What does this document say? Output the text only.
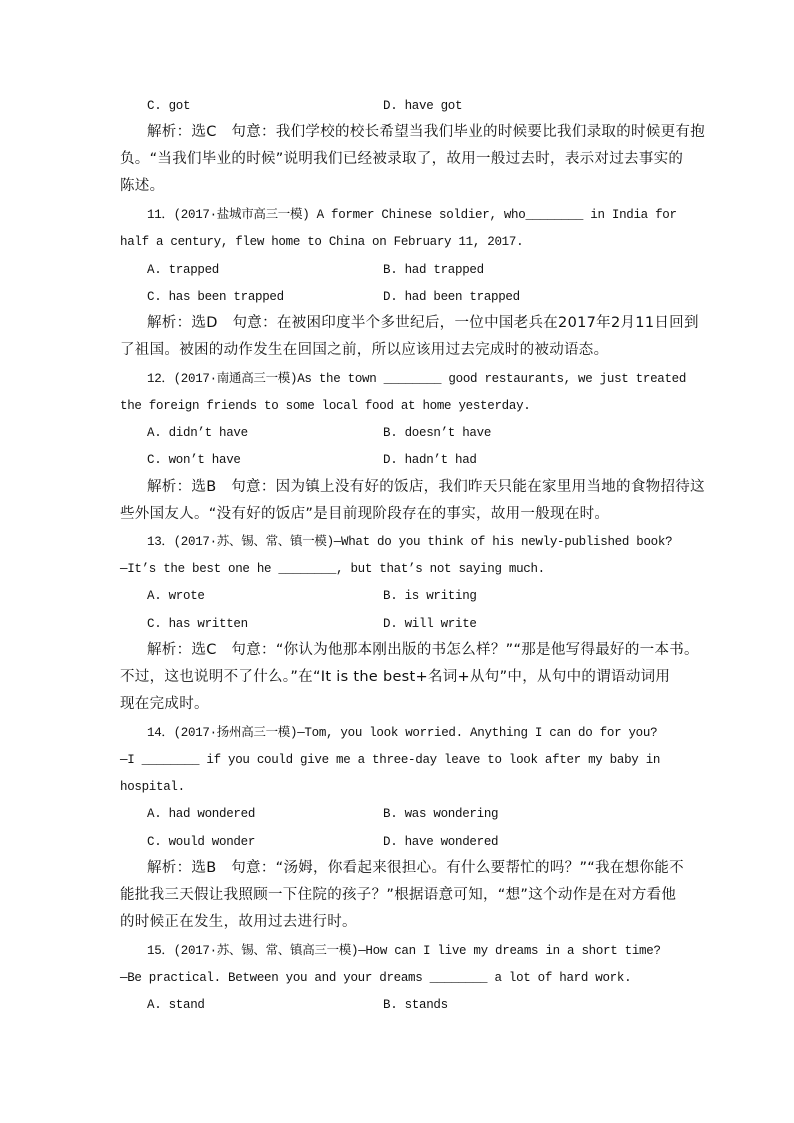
C. got	D. have got
解析：选C　句意：我们学校的校长希望当我们毕业的时候要比我们录取的时候更有抱
负。“当我们毕业的时候”说明我们已经被录取了，故用一般过去时，表示对过去事实的
陈述。
11．(2017·盐城市高三一模) A former Chinese soldier, who________ in India for
half a century, flew home to China on February 11, 2017.
A. trapped	B. had trapped
C. has been trapped	D. had been trapped
解析：选D　句意：在被困印度半个多世纪后，一位中国老兵在2017年2月11日回到
了祖国。被困的动作发生在回国之前，所以应该用过去完成时的被动语态。
12．(2017·南通高三一模)As the town ________ good restaurants, we just treated
the foreign friends to some local food at home yesterday.
A. didn’t have	B. doesn’t have
C. won’t have	D. hadn’t had
解析：选B　句意：因为镇上没有好的饭店，我们昨天只能在家里用当地的食物招待这
些外国友人。“没有好的饭店”是目前现阶段存在的事实，故用一般现在时。
13．(2017·苏、锡、常、镇一模)—What do you think of his newly-published book?
—It’s the best one he ________, but that’s not saying much.
A. wrote	B. is writing
C. has written	D. will write
解析：选C　句意：“你认为他那本刚出版的书怎么样？”“那是他写得最好的一本书。
不过，这也说明不了什么。”在“It is the best+名词+从句”中，从句中的谓语动词用
现在完成时。
14．(2017·扬州高三一模)—Tom, you look worried. Anything I can do for you?
—I ________ if you could give me a three-day leave to look after my baby in
hospital.
A. had wondered	B. was wondering
C. would wonder	D. have wondered
解析：选B　句意：“汤姆，你看起来很担心。有什么要帮忙的吗？”“我在想你能不
能批我三天假让我照顾一下住院的孩子？”根据语意可知，“想”这个动作是在对方看他
的时候正在发生，故用过去进行时。
15．(2017·苏、锡、常、镇高三一模)—How can I live my dreams in a short time?
—Be practical. Between you and your dreams ________ a lot of hard work.
A. stand	B. stands
